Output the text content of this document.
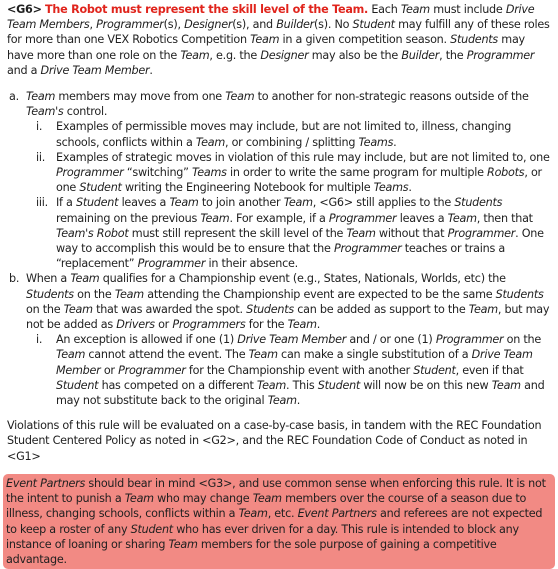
<G6> The Robot must represent the skill level of the Team. Each Team must include Drive Team Members, Programmer(s), Designer(s), and Builder(s). No Student may fulfill any of these roles for more than one VEX Robotics Competition Team in a given competition season. Students may have more than one role on the Team, e.g. the Designer may also be the Builder, the Programmer and a Drive Team Member.

a. Team members may move from one Team to another for non-strategic reasons outside of the Team's control.

i.	Examples of permissible moves may include, but are not limited to, illness, changing schools, conflicts within a Team, or combining / splitting Teams.

ii. Examples of strategic moves in violation of this rule may include, but are not limited to, one Programmer “switching” Teams in order to write the same program for multiple Robots, or one Student writing the Engineering Notebook for multiple Teams.

iii. If a Student leaves a Team to join another Team, <G6> still applies to the Students remaining on the previous Team. For example, if a Programmer leaves a Team, then that Team's Robot must still represent the skill level of the Team without that Programmer. One way to accomplish this would be to ensure that the Programmer teaches or trains a “replacement” Programmer in their absence.

b. When a Team qualifies for a Championship event (e.g., States, Nationals, Worlds, etc) the Students on the Team attending the Championship event are expected to be the same Students on the Team that was awarded the spot. Students can be added as support to the Team, but may not be added as Drivers or Programmers for the Team.

i.	An exception is allowed if one (1) Drive Team Member and / or one (1) Programmer on the Team cannot attend the event. The Team can make a single substitution of a Drive Team Member or Programmer for the Championship event with another Student, even if that Student has competed on a different Team. This Student will now be on this new Team and may not substitute back to the original Team.

Violations of this rule will be evaluated on a case-by-case basis, in tandem with the REC Foundation Student Centered Policy as noted in <G2>, and the REC Foundation Code of Conduct as noted in <G1>

Event Partners should bear in mind <G3>, and use common sense when enforcing this rule. It is not the intent to punish a Team who may change Team members over the course of a season due to illness, changing schools, conflicts within a Team, etc. Event Partners and referees are not expected to keep a roster of any Student who has ever driven for a day. This rule is intended to block any instance of loaning or sharing Team members for the sole purpose of gaining a competitive advantage.
